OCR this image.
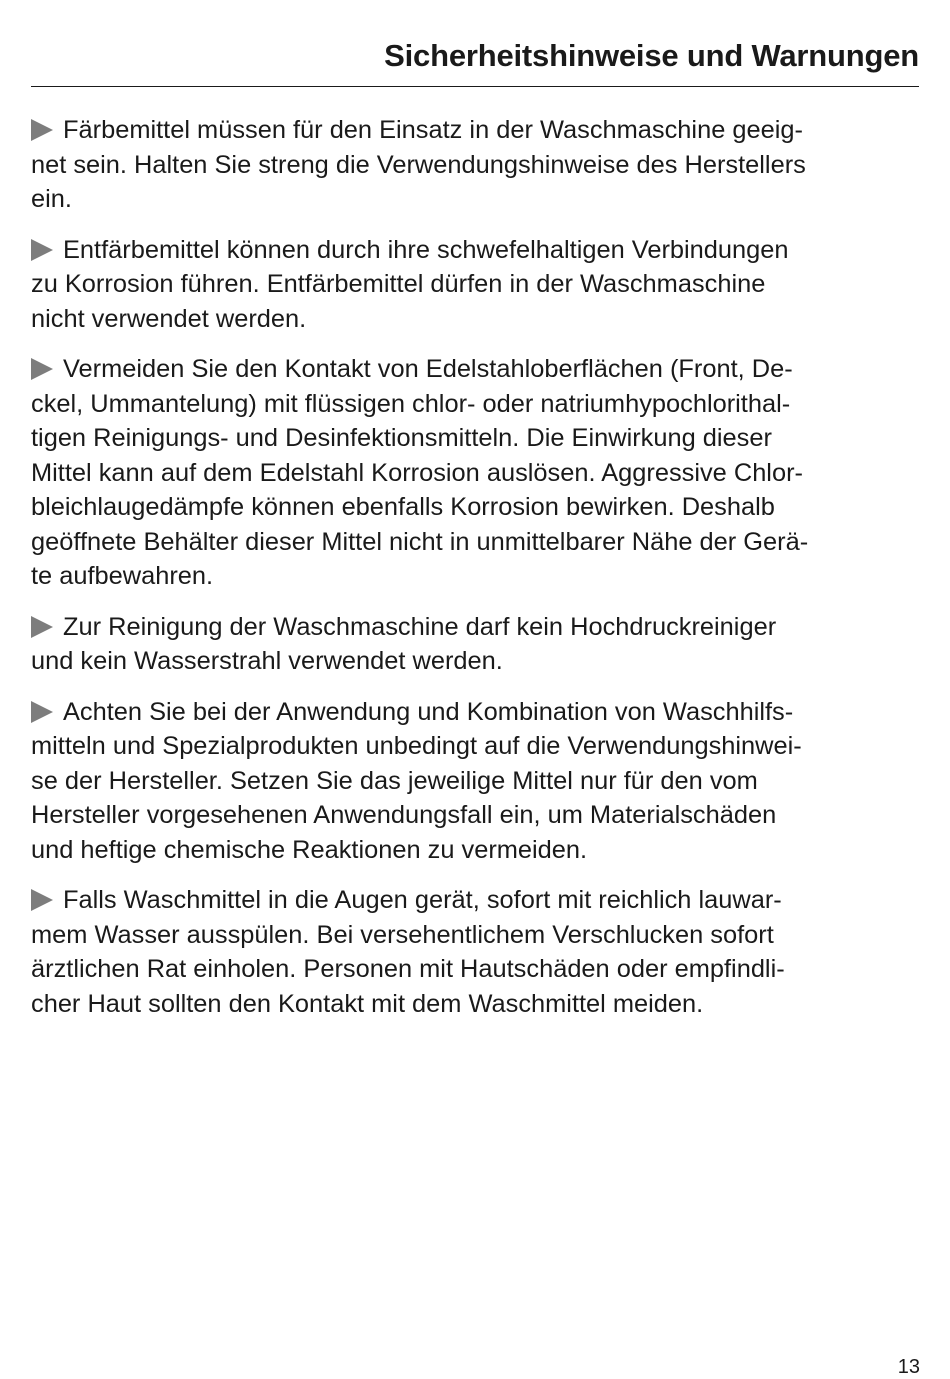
Sicherheitshinweise und Warnungen

Färbemittel müssen für den Einsatz in der Waschmaschine geeig-
net sein. Halten Sie streng die Verwendungshinweise des Herstellers
ein.

Entfärbemittel können durch ihre schwefelhaltigen Verbindungen
zu Korrosion führen. Entfärbemittel dürfen in der Waschmaschine
nicht verwendet werden.

Vermeiden Sie den Kontakt von Edelstahloberflächen (Front, De-
ckel, Ummantelung) mit flüssigen chlor- oder natriumhypochlorithal-
tigen Reinigungs- und Desinfektionsmitteln. Die Einwirkung dieser
Mittel kann auf dem Edelstahl Korrosion auslösen. Aggressive Chlor-
bleichlaugedämpfe können ebenfalls Korrosion bewirken. Deshalb
geöffnete Behälter dieser Mittel nicht in unmittelbarer Nähe der Gerä-
te aufbewahren.

Zur Reinigung der Waschmaschine darf kein Hochdruckreiniger
und kein Wasserstrahl verwendet werden.

Achten Sie bei der Anwendung und Kombination von Waschhilfs-
mitteln und Spezialprodukten unbedingt auf die Verwendungshinwei-
se der Hersteller. Setzen Sie das jeweilige Mittel nur für den vom
Hersteller vorgesehenen Anwendungsfall ein, um Materialschäden
und heftige chemische Reaktionen zu vermeiden.

Falls Waschmittel in die Augen gerät, sofort mit reichlich lauwar-
mem Wasser ausspülen. Bei versehentlichem Verschlucken sofort
ärztlichen Rat einholen. Personen mit Hautschäden oder empfindli-
cher Haut sollten den Kontakt mit dem Waschmittel meiden.

13
